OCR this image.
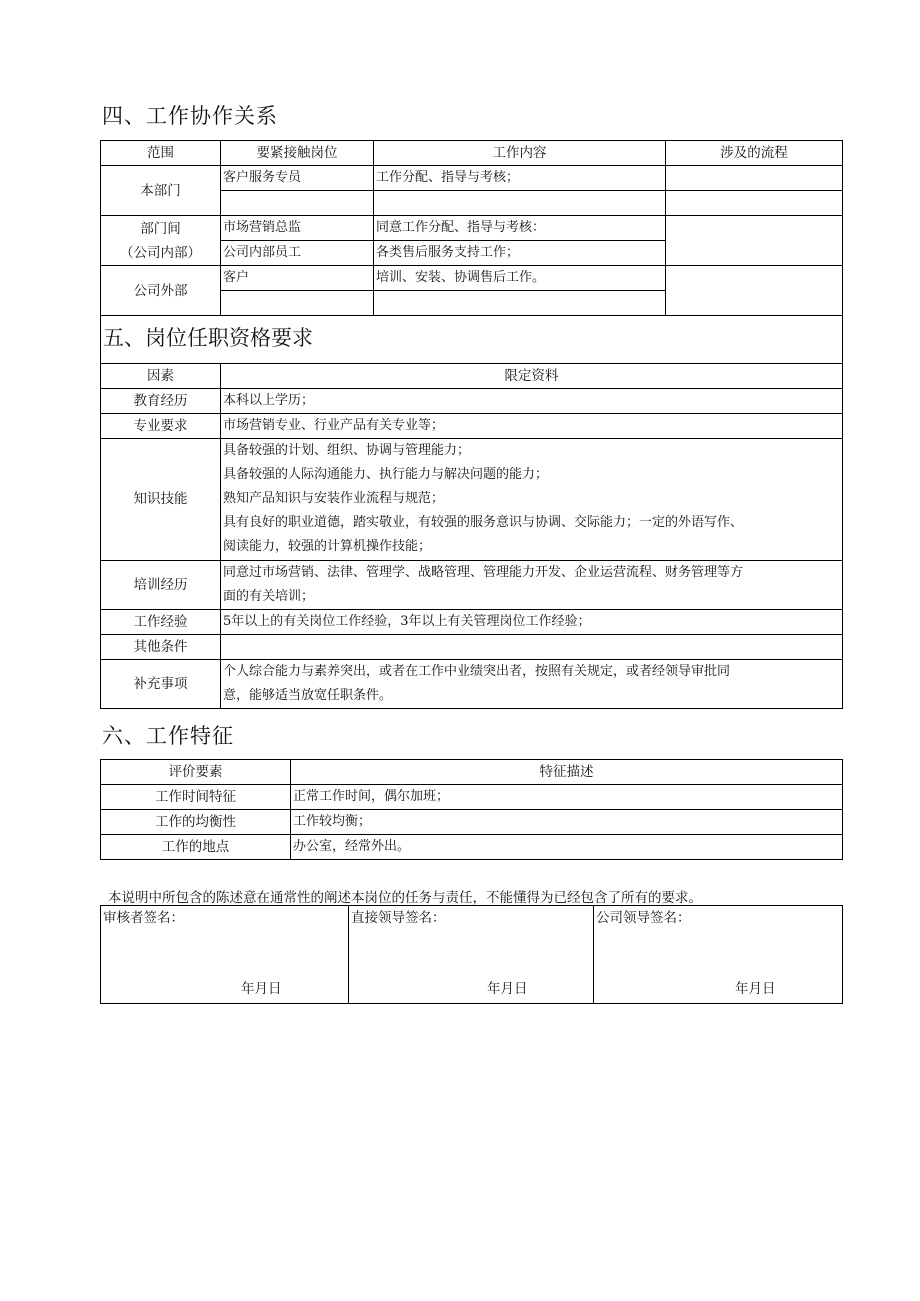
四、工作协作关系
范围	要紧接触岗位	工作内容	涉及的流程
本部门	客户服务专员	工作分配、指导与考核；	

部门间
（公司内部）	市场营销总监	同意工作分配、指导与考核：	
	公司内部员工	各类售后服务支持工作；	
公司外部	客户	培训、安装、协调售后工作。	

五、岗位任职资格要求	
因素	限定资料
教育经历	本科以上学历；

专业要求	市场营销专业、行业产品有关专业等；

知识技能	具备较强的计划、组织、协调与管理能力；
具备较强的人际沟通能力、执行能力与解决问题的能力；
熟知产品知识与安装作业流程与规范；
具有良好的职业道德，踏实敬业，有较强的服务意识与协调、交际能力；一定的外语写作、
阅读能力，较强的计算机操作技能；

培训经历	同意过市场营销、法律、管理学、战略管理、管理能力开发、企业运营流程、财务管理等方
面的有关培训；

工作经验	5年以上的有关岗位工作经验，3年以上有关管理岗位工作经验；

其他条件	

补充事项	个人综合能力与素养突出，或者在工作中业绩突出者，按照有关规定，或者经领导审批同
意，能够适当放宽任职条件。
六、工作特征
评价要素	特征描述
工作时间特征	正常工作时间，偶尔加班；
工作的均衡性	工作较均衡；
工作的地点	办公室，经常外出。

本说明中所包含的陈述意在通常性的阐述本岗位的任务与责任，不能懂得为已经包含了所有的要求。

审核者签名：
年月日
	直接领导签名：
年月日
	公司领导签名：
年月日
